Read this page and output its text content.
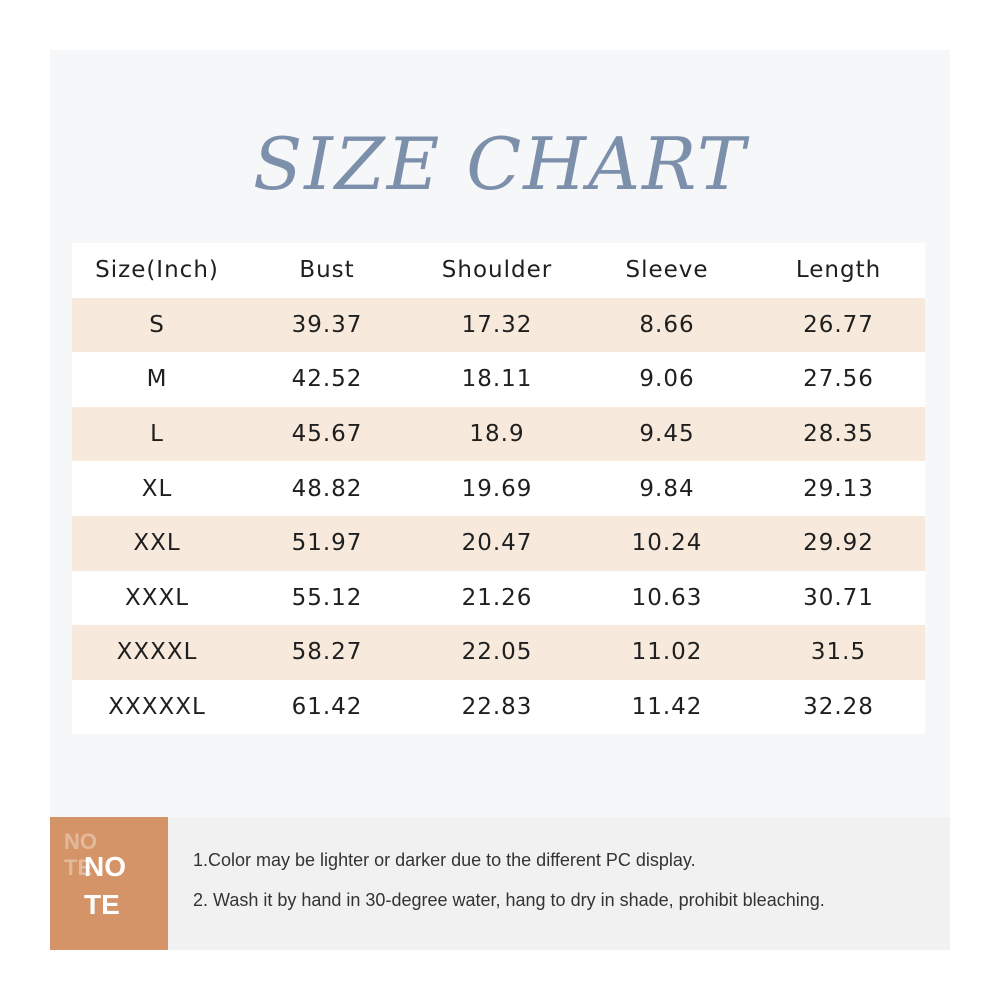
SIZE CHART
Size(Inch)	Bust	Shoulder	Sleeve	Length
S	39.37	17.32	8.66	26.77
M	42.52	18.11	9.06	27.56
L	45.67	18.9	9.45	28.35
XL	48.82	19.69	9.84	29.13
XXL	51.97	20.47	10.24	29.92
XXXL	55.12	21.26	10.63	30.71
XXXXL	58.27	22.05	11.02	31.5
XXXXXL	61.42	22.83	11.42	32.28
NO
TE
NO
TE
1.Color may be lighter or darker due to the different PC display.
2. Wash it by hand in 30-degree water, hang to dry in shade, prohibit bleaching.
